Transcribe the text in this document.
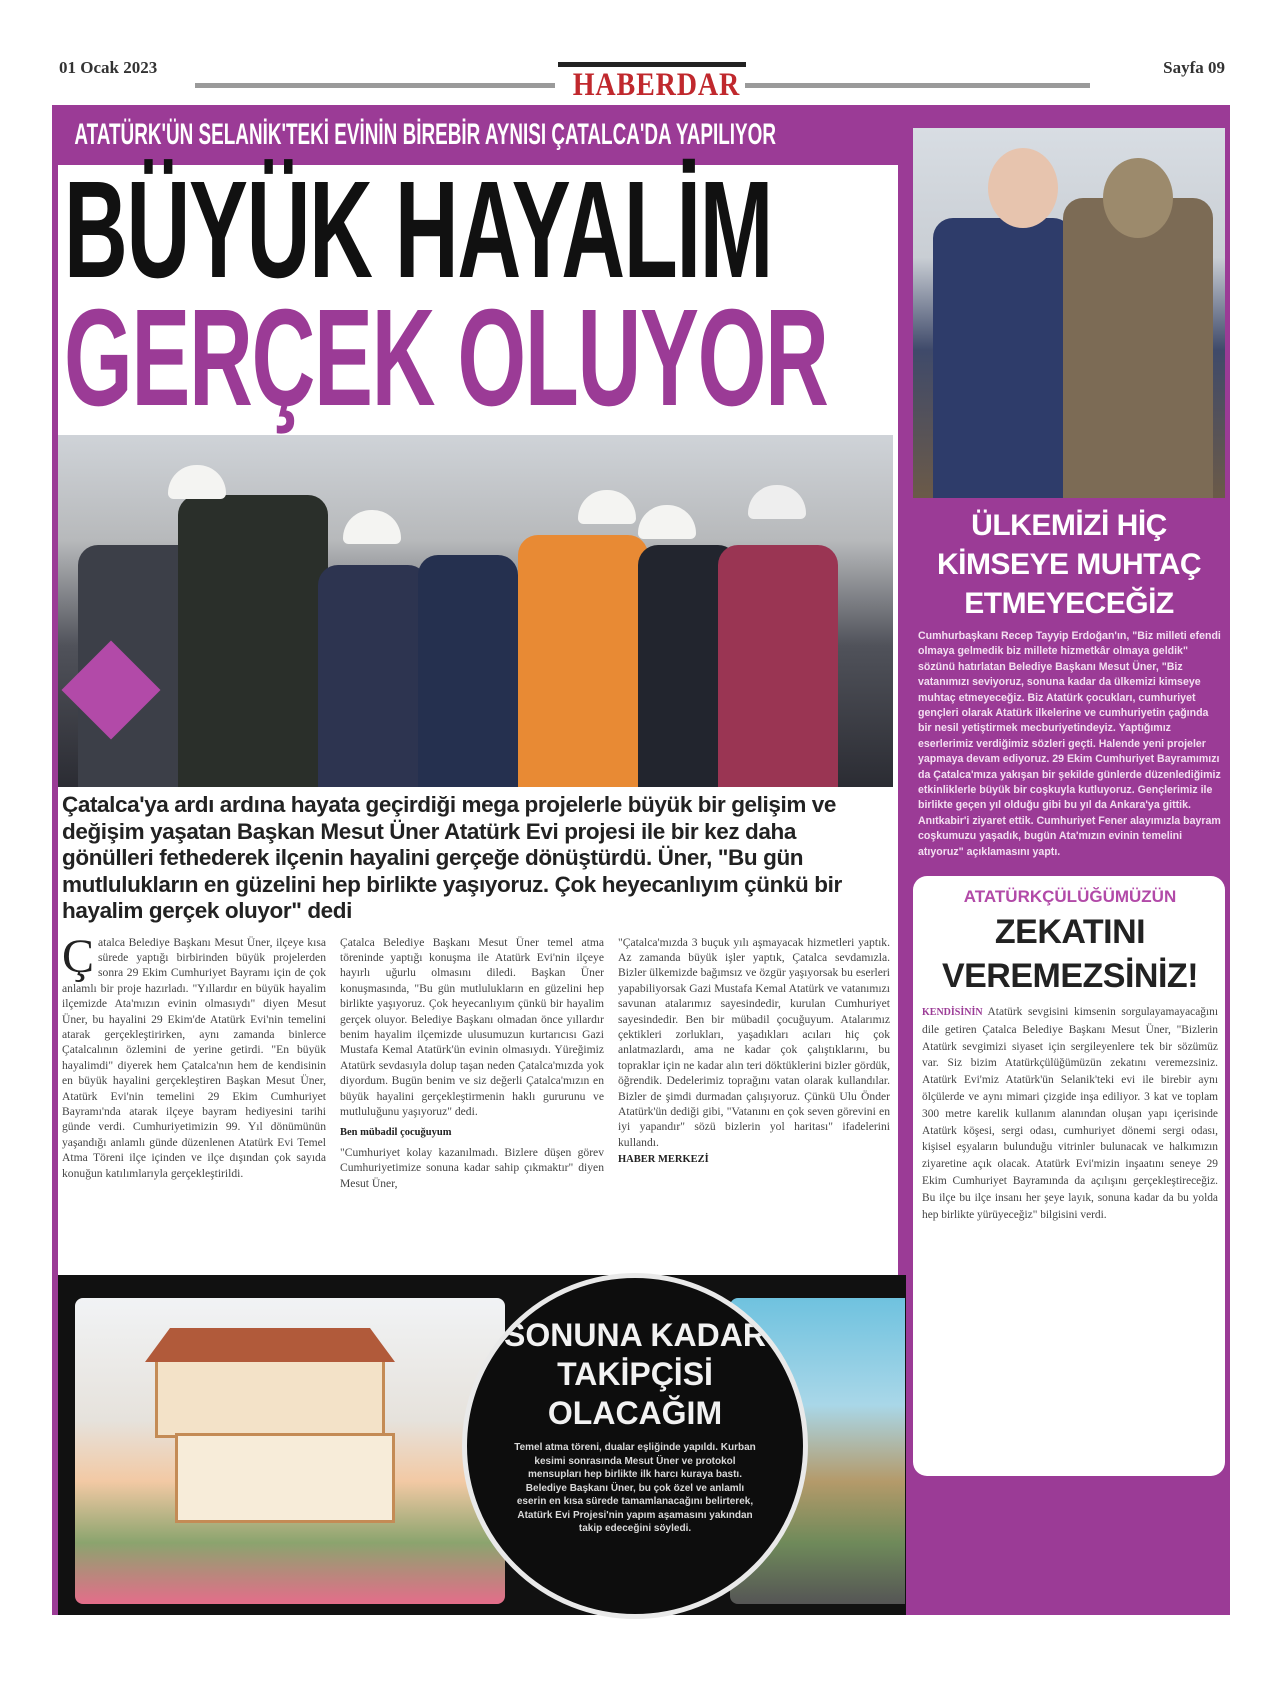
01 Ocak 2023	HABERDAR	Sayfa 09
ATATÜRK'ÜN SELANİK'TEKİ EVİNİN BİREBİR AYNISI ÇATALCA'DA YAPILIYOR
BÜYÜK HAYALİM
GERÇEK OLUYOR
Çatalca'ya ardı ardına hayata geçirdiği mega projelerle büyük bir gelişim ve değişim yaşatan Başkan Mesut Üner Atatürk Evi projesi ile bir kez daha gönülleri fethederek ilçenin hayalini gerçeğe dönüştürdü. Üner, "Bu gün mutlulukların en güzelini hep birlikte yaşıyoruz. Çok heyecanlıyım çünkü bir hayalim gerçek oluyor" dedi
Çatalca Belediye Başkanı Mesut Üner, ilçeye kısa sürede yaptığı birbirinden büyük projelerden sonra 29 Ekim Cumhuriyet Bayramı için de çok anlamlı bir proje hazırladı. "Yıllardır en büyük hayalim ilçemizde Ata'mızın evinin olmasıydı" diyen Mesut Üner, bu hayalini 29 Ekim'de Atatürk Evi'nin temelini atarak gerçekleştirirken, aynı zamanda binlerce Çatalcalının özlemini de yerine getirdi. "En büyük hayalimdi" diyerek hem Çatalca'nın hem de kendisinin en büyük hayalini gerçekleştiren Başkan Mesut Üner, Atatürk Evi'nin temelini 29 Ekim Cumhuriyet Bayramı'nda atarak ilçeye bayram hediyesini tarihi günde verdi. Cumhuriyetimizin 99. Yıl dönümünün yaşandığı anlamlı günde düzenlenen Atatürk Evi Temel Atma Töreni ilçe içinden ve ilçe dışından çok sayıda konuğun katılımlarıyla gerçekleştirildi.

Çatalca Belediye Başkanı Mesut Üner temel atma töreninde yaptığı konuşma ile Atatürk Evi'nin ilçeye hayırlı uğurlu olmasını diledi. Başkan Üner konuşmasında, "Bu gün mutlulukların en güzelini hep birlikte yaşıyoruz. Çok heyecanlıyım çünkü bir hayalim gerçek oluyor. Belediye Başkanı olmadan önce yıllardır benim hayalim ilçemizde ulusumuzun kurtarıcısı Gazi Mustafa Kemal Atatürk'ün evinin olmasıydı. Yüreğimiz Atatürk sevdasıyla dolup taşan neden Çatalca'mızda yok diyordum. Bugün benim ve siz değerli Çatalca'mızın en büyük hayalini gerçekleştirmenin haklı gururunu ve mutluluğunu yaşıyoruz" dedi.

Ben mübadil çocuğuyum

"Cumhuriyet kolay kazanılmadı. Bizlere düşen görev Cumhuriyetimize sonuna kadar sahip çıkmaktır" diyen Mesut Üner,

"Çatalca'mızda 3 buçuk yılı aşmayacak hizmetleri yaptık. Az zamanda büyük işler yaptık, Çatalca sevdamızla. Bizler ülkemizde bağımsız ve özgür yaşıyorsak bu eserleri yapabiliyorsak Gazi Mustafa Kemal Atatürk ve vatanımızı savunan atalarımız sayesindedir, kurulan Cumhuriyet sayesindedir. Ben bir mübadil çocuğuyum. Atalarımız çektikleri zorlukları, yaşadıkları acıları hiç çok anlatmazlardı, ama ne kadar çok çalıştıklarını, bu topraklar için ne kadar alın teri döktüklerini bizler gördük, öğrendik. Dedelerimiz toprağını vatan olarak kullandılar. Bizler de şimdi durmadan çalışıyoruz. Çünkü Ulu Önder Atatürk'ün dediği gibi, "Vatanını en çok seven görevini en iyi yapandır" sözü bizlerin yol haritası" ifadelerini kullandı.

HABER MERKEZİ

ÜLKEMİZİ HİÇ KİMSEYE MUHTAÇ ETMEYECEĞİZ
Cumhurbaşkanı Recep Tayyip Erdoğan'ın, "Biz milleti efendi olmaya gelmedik biz millete hizmetkâr olmaya geldik" sözünü hatırlatan Belediye Başkanı Mesut Üner, "Biz vatanımızı seviyoruz, sonuna kadar da ülkemizi kimseye muhtaç etmeyeceğiz. Biz Atatürk çocukları, cumhuriyet gençleri olarak Atatürk ilkelerine ve cumhuriyetin çağında bir nesil yetiştirmek mecburiyetindeyiz. Yaptığımız eserlerimiz verdiğimiz sözleri geçti. Halende yeni projeler yapmaya devam ediyoruz. 29 Ekim Cumhuriyet Bayramımızı da Çatalca'mıza yakışan bir şekilde günlerde düzenlediğimiz etkinliklerle büyük bir coşkuyla kutluyoruz. Gençlerimiz ile birlikte geçen yıl olduğu gibi bu yıl da Ankara'ya gittik. Anıtkabir'i ziyaret ettik. Cumhuriyet Fener alayımızla bayram coşkumuzu yaşadık, bugün Ata'mızın evinin temelini atıyoruz" açıklamasını yaptı.
ATATÜRKÇÜLÜĞÜMÜZÜN
ZEKATINI VEREMEZSİNİZ!
KENDİSİNİN Atatürk sevgisini kimsenin sorgulayamayacağını dile getiren Çatalca Belediye Başkanı Mesut Üner, "Bizlerin Atatürk sevgimizi siyaset için sergileyenlere tek bir sözümüz var. Siz bizim Atatürkçülüğümüzün zekatını veremezsiniz. Atatürk Evi'miz Atatürk'ün Selanik'teki evi ile birebir aynı ölçülerde ve aynı mimari çizgide inşa ediliyor. 3 kat ve toplam 300 metre karelik kullanım alanından oluşan yapı içerisinde Atatürk köşesi, sergi odası, cumhuriyet dönemi sergi odası, kişisel eşyaların bulunduğu vitrinler bulunacak ve halkımızın ziyaretine açık olacak. Atatürk Evi'mizin inşaatını seneye 29 Ekim Cumhuriyet Bayramında da açılışını gerçekleştireceğiz. Bu ilçe bu ilçe insanı her şeye layık, sonuna kadar da bu yolda hep birlikte yürüyeceğiz" bilgisini verdi.
SONUNA KADAR TAKİPÇİSİ OLACAĞIM
Temel atma töreni, dualar eşliğinde yapıldı. Kurban kesimi sonrasında Mesut Üner ve protokol mensupları hep birlikte ilk harcı kuraya bastı. Belediye Başkanı Üner, bu çok özel ve anlamlı eserin en kısa sürede tamamlanacağını belirterek, Atatürk Evi Projesi'nin yapım aşamasını yakından takip edeceğini söyledi.
